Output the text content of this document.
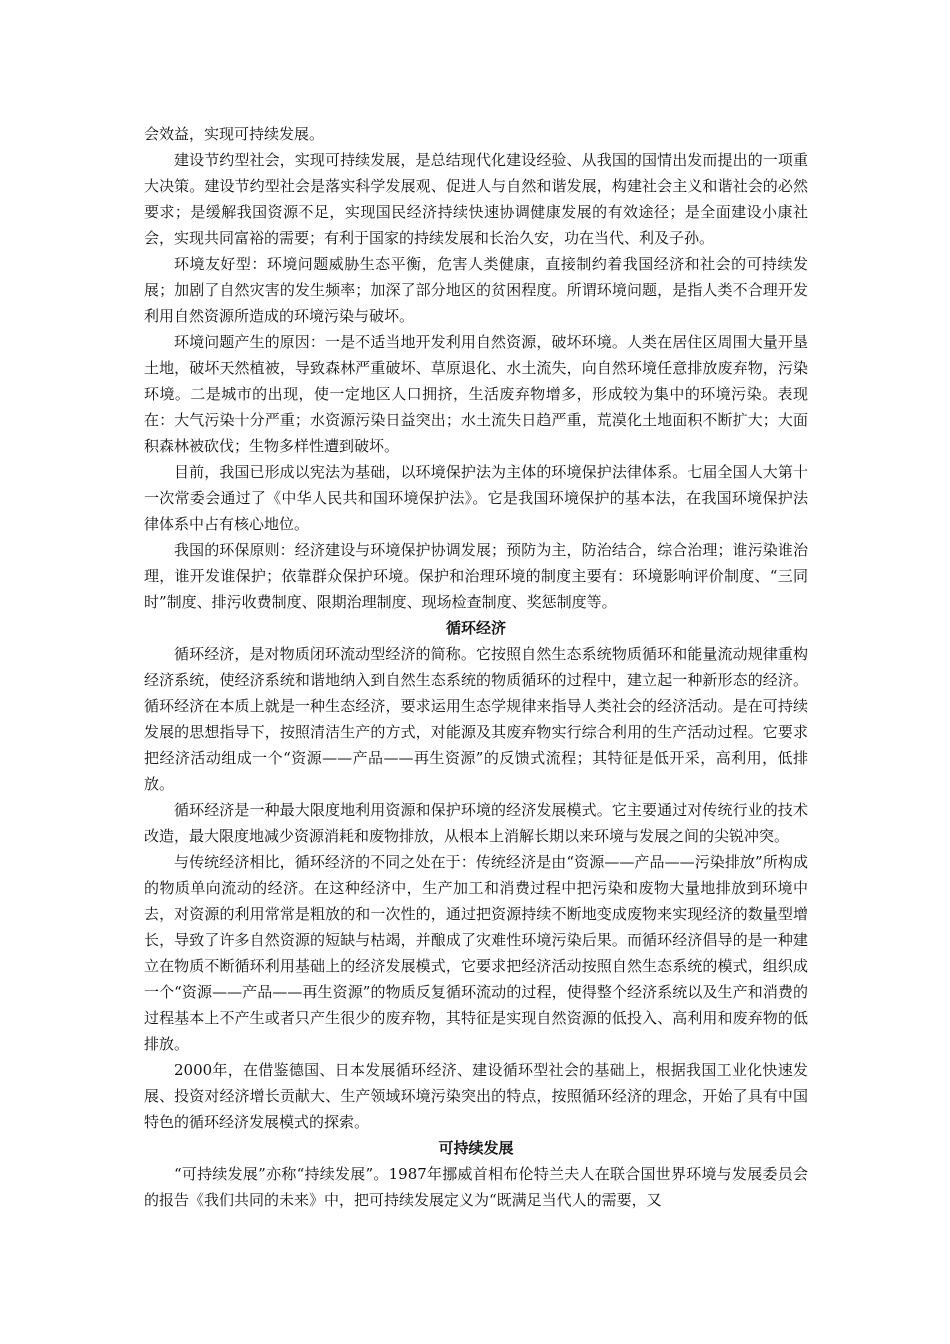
会效益，实现可持续发展。

建设节约型社会，实现可持续发展，是总结现代化建设经验、从我国的国情出发而提出的一项重大决策。建设节约型社会是落实科学发展观、促进人与自然和谐发展，构建社会主义和谐社会的必然要求；是缓解我国资源不足，实现国民经济持续快速协调健康发展的有效途径；是全面建设小康社会，实现共同富裕的需要；有利于国家的持续发展和长治久安，功在当代、利及子孙。

环境友好型：环境问题威胁生态平衡，危害人类健康，直接制约着我国经济和社会的可持续发展；加剧了自然灾害的发生频率；加深了部分地区的贫困程度。所谓环境问题，是指人类不合理开发利用自然资源所造成的环境污染与破坏。

环境问题产生的原因：一是不适当地开发利用自然资源，破坏环境。人类在居住区周围大量开垦土地，破坏天然植被，导致森林严重破坏、草原退化、水土流失，向自然环境任意排放废弃物，污染环境。二是城市的出现，使一定地区人口拥挤，生活废弃物增多，形成较为集中的环境污染。表现在：大气污染十分严重；水资源污染日益突出；水土流失日趋严重，荒漠化土地面积不断扩大；大面积森林被砍伐；生物多样性遭到破坏。

目前，我国已形成以宪法为基础，以环境保护法为主体的环境保护法律体系。七届全国人大第十一次常委会通过了《中华人民共和国环境保护法》。它是我国环境保护的基本法，在我国环境保护法律体系中占有核心地位。

我国的环保原则：经济建设与环境保护协调发展；预防为主，防治结合，综合治理；谁污染谁治理，谁开发谁保护；依靠群众保护环境。保护和治理环境的制度主要有：环境影响评价制度、“三同时”制度、排污收费制度、限期治理制度、现场检查制度、奖惩制度等。

循环经济

循环经济，是对物质闭环流动型经济的简称。它按照自然生态系统物质循环和能量流动规律重构经济系统，使经济系统和谐地纳入到自然生态系统的物质循环的过程中，建立起一种新形态的经济。循环经济在本质上就是一种生态经济，要求运用生态学规律来指导人类社会的经济活动。是在可持续发展的思想指导下，按照清洁生产的方式，对能源及其废弃物实行综合利用的生产活动过程。它要求把经济活动组成一个“资源——产品——再生资源”的反馈式流程；其特征是低开采，高利用，低排放。

循环经济是一种最大限度地利用资源和保护环境的经济发展模式。它主要通过对传统行业的技术改造，最大限度地减少资源消耗和废物排放，从根本上消解长期以来环境与发展之间的尖锐冲突。

与传统经济相比，循环经济的不同之处在于：传统经济是由“资源——产品——污染排放”所构成的物质单向流动的经济。在这种经济中，生产加工和消费过程中把污染和废物大量地排放到环境中去，对资源的利用常常是粗放的和一次性的，通过把资源持续不断地变成废物来实现经济的数量型增长，导致了许多自然资源的短缺与枯竭，并酿成了灾难性环境污染后果。而循环经济倡导的是一种建立在物质不断循环利用基础上的经济发展模式，它要求把经济活动按照自然生态系统的模式，组织成一个“资源——产品——再生资源”的物质反复循环流动的过程，使得整个经济系统以及生产和消费的过程基本上不产生或者只产生很少的废弃物，其特征是实现自然资源的低投入、高利用和废弃物的低排放。

2000年，在借鉴德国、日本发展循环经济、建设循环型社会的基础上，根据我国工业化快速发展、投资对经济增长贡献大、生产领域环境污染突出的特点，按照循环经济的理念，开始了具有中国特色的循环经济发展模式的探索。

可持续发展

“可持续发展”亦称“持续发展”。1987年挪威首相布伦特兰夫人在联合国世界环境与发展委员会的报告《我们共同的未来》中，把可持续发展定义为“既满足当代人的需要，又
